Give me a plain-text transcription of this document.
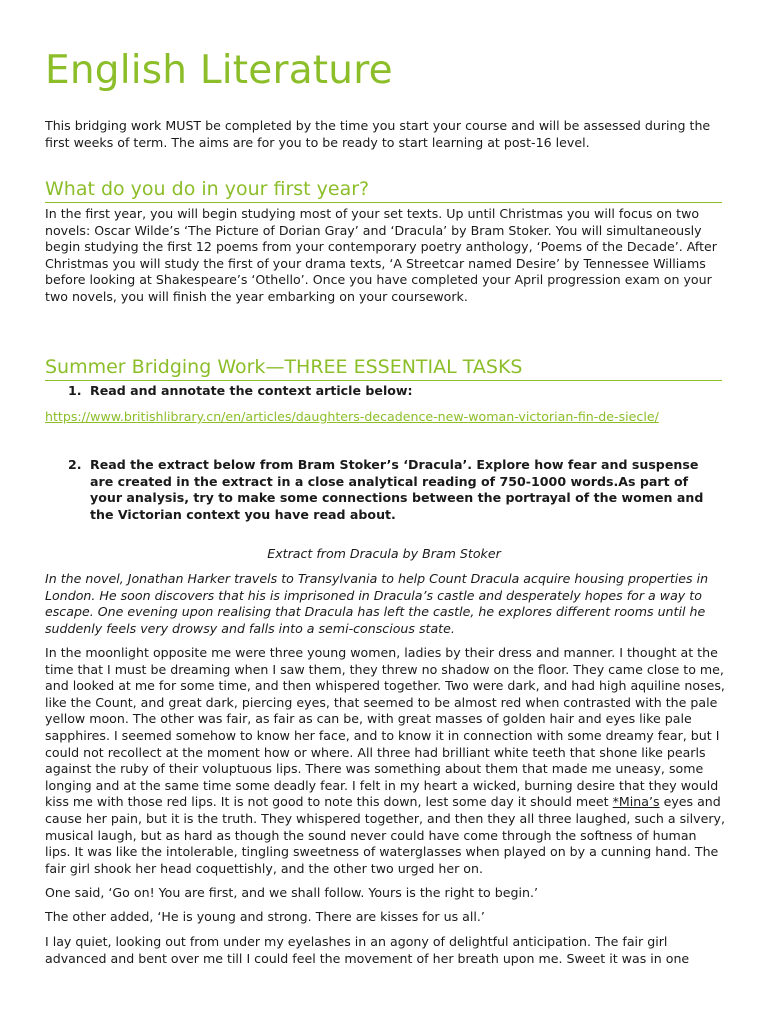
English Literature

This bridging work MUST be completed by the time you start your course and will be assessed during the first weeks of term. The aims are for you to be ready to start learning at post-16 level.

What do you do in your first year?

In the first year, you will begin studying most of your set texts. Up until Christmas you will focus on two novels: Oscar Wilde’s ‘The Picture of Dorian Gray’ and ‘Dracula’ by Bram Stoker. You will simultaneously begin studying the first 12 poems from your contemporary poetry anthology, ‘Poems of the Decade’. After Christmas you will study the first of your drama texts, ‘A Streetcar named Desire’ by Tennessee Williams before looking at Shakespeare’s ‘Othello’. Once you have completed your April progression exam on your two novels, you will finish the year embarking on your coursework.

Summer Bridging Work—THREE ESSENTIAL TASKS
1. Read and annotate the context article below:
https://www.britishlibrary.cn/en/articles/daughters-decadence-new-woman-victorian-fin-de-siecle/
2. Read the extract below from Bram Stoker’s ‘Dracula’. Explore how fear and suspense are created in the extract in a close analytical reading of 750-1000 words.As part of your analysis, try to make some connections between the portrayal of the women and the Victorian context you have read about.

Extract from Dracula by Bram Stoker

In the novel, Jonathan Harker travels to Transylvania to help Count Dracula acquire housing properties in London. He soon discovers that his is imprisoned in Dracula’s castle and desperately hopes for a way to escape. One evening upon realising that Dracula has left the castle, he explores different rooms until he suddenly feels very drowsy and falls into a semi-conscious state.

In the moonlight opposite me were three young women, ladies by their dress and manner. I thought at the time that I must be dreaming when I saw them, they threw no shadow on the floor. They came close to me, and looked at me for some time, and then whispered together. Two were dark, and had high aquiline noses, like the Count, and great dark, piercing eyes, that seemed to be almost red when contrasted with the pale yellow moon. The other was fair, as fair as can be, with great masses of golden hair and eyes like pale sapphires. I seemed somehow to know her face, and to know it in connection with some dreamy fear, but I could not recollect at the moment how or where. All three had brilliant white teeth that shone like pearls against the ruby of their voluptuous lips. There was something about them that made me uneasy, some longing and at the same time some deadly fear. I felt in my heart a wicked, burning desire that they would kiss me with those red lips. It is not good to note this down, lest some day it should meet *Mina’s eyes and cause her pain, but it is the truth. They whispered together, and then they all three laughed, such a silvery, musical laugh, but as hard as though the sound never could have come through the softness of human lips. It was like the intolerable, tingling sweetness of waterglasses when played on by a cunning hand. The fair girl shook her head coquettishly, and the other two urged her on.

One said, ‘Go on! You are first, and we shall follow. Yours is the right to begin.’

The other added, ‘He is young and strong. There are kisses for us all.’

I lay quiet, looking out from under my eyelashes in an agony of delightful anticipation. The fair girl advanced and bent over me till I could feel the movement of her breath upon me. Sweet it was in one
